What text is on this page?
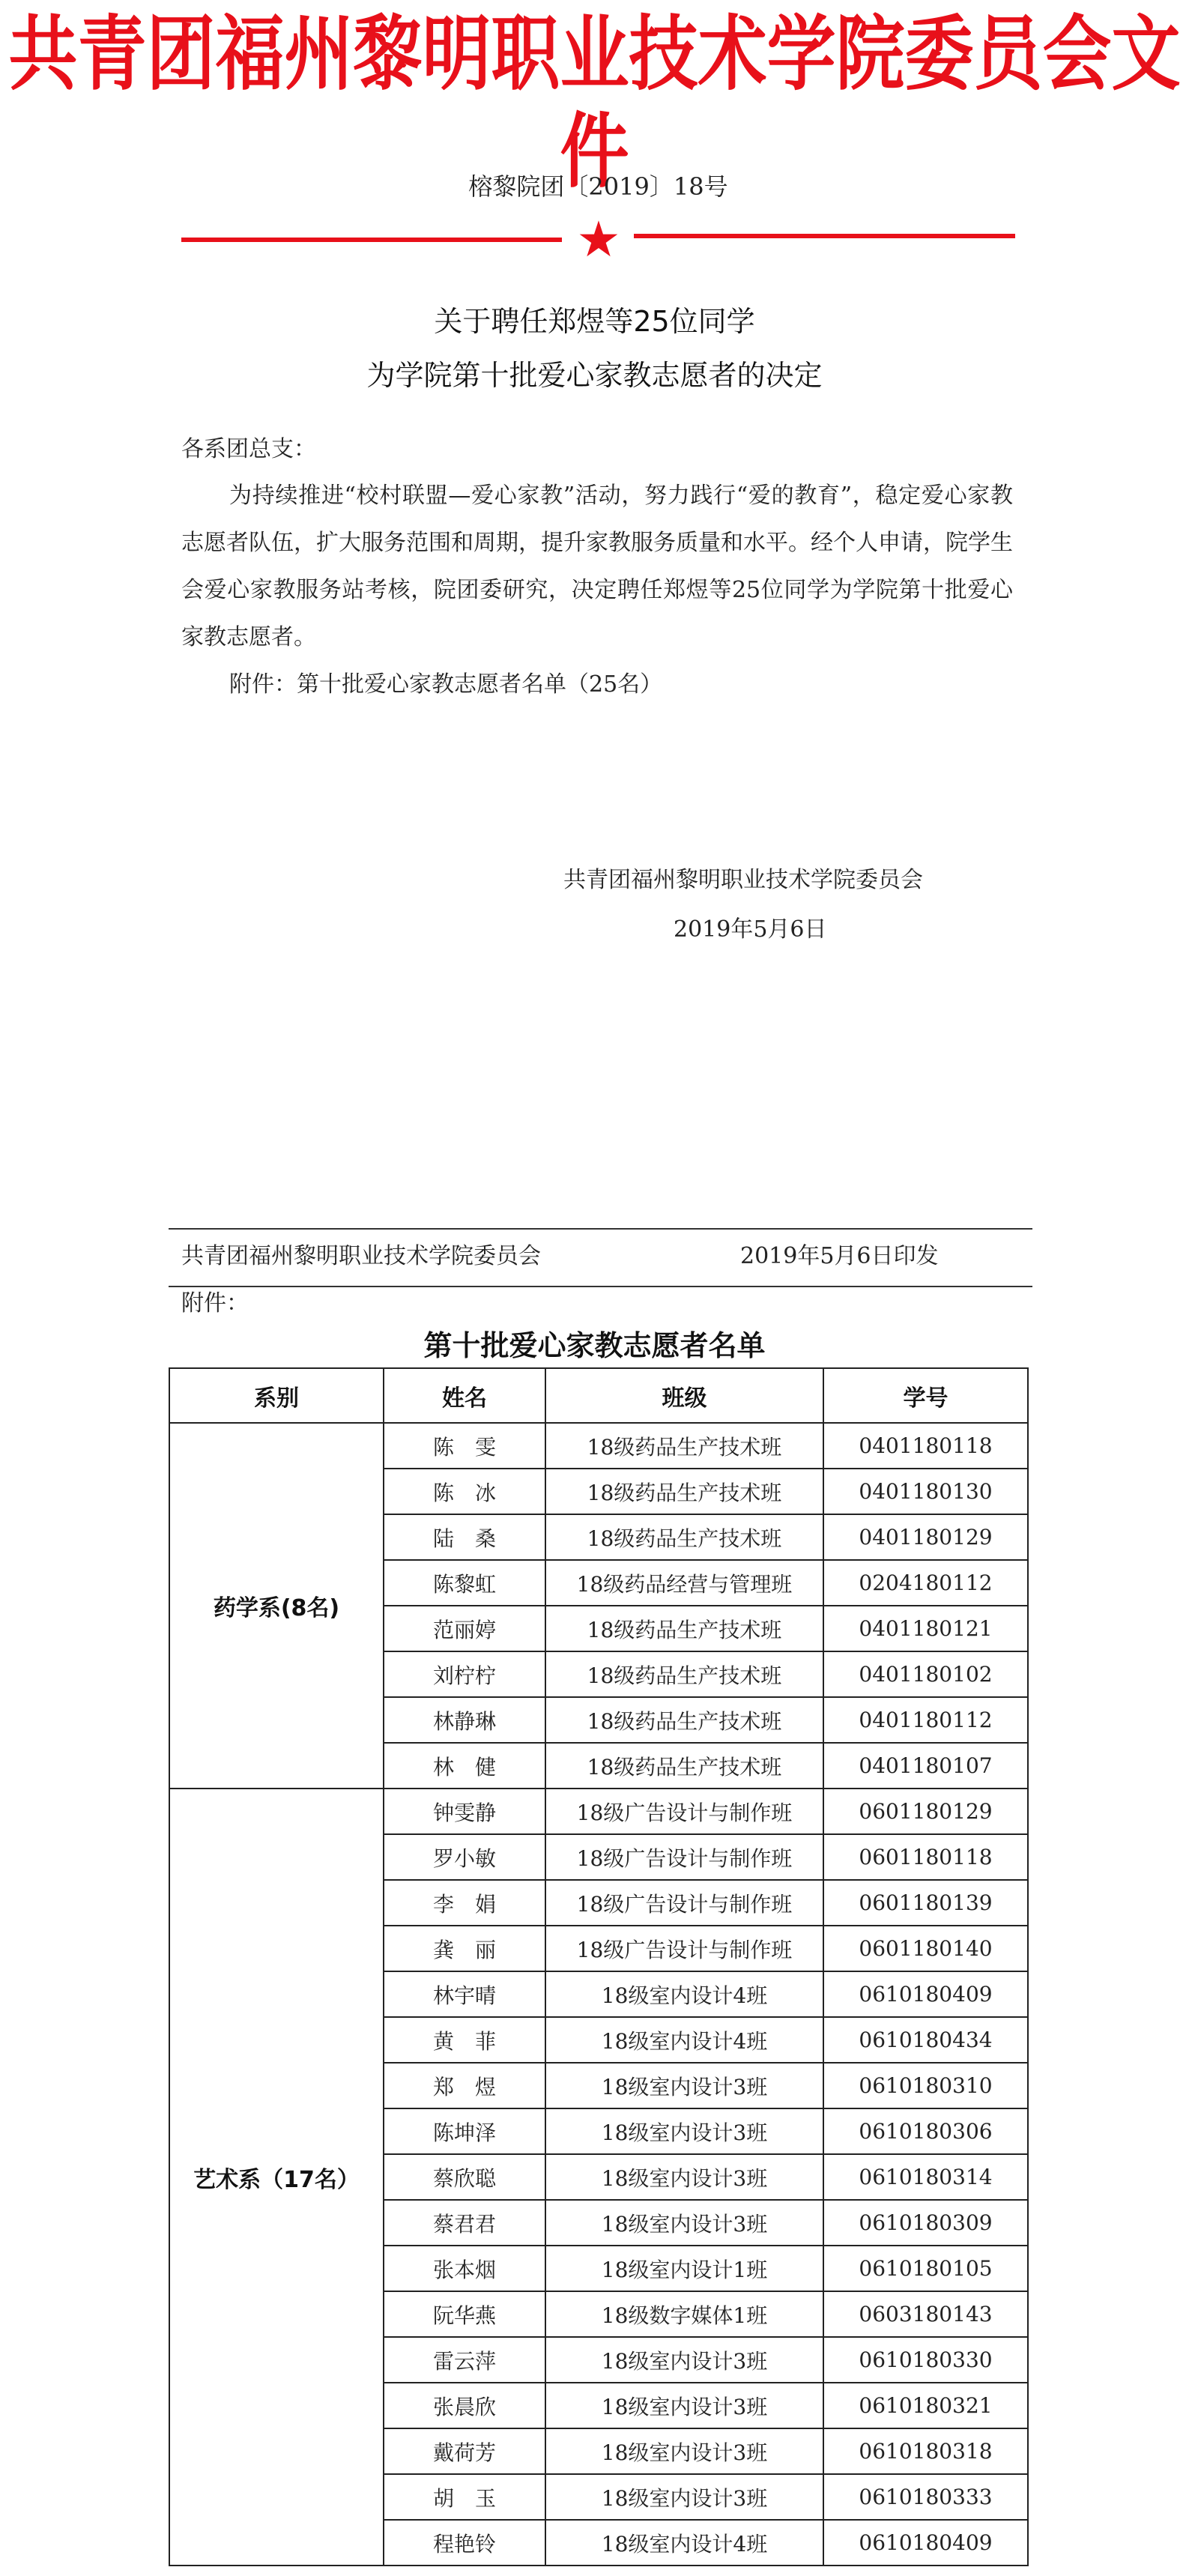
共青团福州黎明职业技术学院委员会文件
榕黎院团〔2019〕18号
★
关于聘任郑煜等25位同学
为学院第十批爱心家教志愿者的决定
各系团总支：
为持续推进“校村联盟—爱心家教”活动，努力践行“爱的教育”，稳定爱心家教志愿者队伍，扩大服务范围和周期，提升家教服务质量和水平。经个人申请，院学生会爱心家教服务站考核，院团委研究，决定聘任郑煜等25位同学为学院第十批爱心家教志愿者。
附件：第十批爱心家教志愿者名单（25名）
共青团福州黎明职业技术学院委员会
2019年5月6日
共青团福州黎明职业技术学院委员会	2019年5月6日印发
附件：
第十批爱心家教志愿者名单
系别	姓名	班级	学号
药学系(8名)	陈　雯	18级药品生产技术班	0401180118
	陈　冰	18级药品生产技术班	0401180130
	陆　桑	18级药品生产技术班	0401180129
	陈黎虹	18级药品经营与管理班	0204180112
	范丽婷	18级药品生产技术班	0401180121
	刘柠柠	18级药品生产技术班	0401180102
	林静琳	18级药品生产技术班	0401180112
	林　健	18级药品生产技术班	0401180107
艺术系（17名）	钟雯静	18级广告设计与制作班	0601180129
	罗小敏	18级广告设计与制作班	0601180118
	李　娟	18级广告设计与制作班	0601180139
	龚　丽	18级广告设计与制作班	0601180140
	林宇晴	18级室内设计4班	0610180409
	黄　菲	18级室内设计4班	0610180434
	郑　煜	18级室内设计3班	0610180310
	陈坤泽	18级室内设计3班	0610180306
	蔡欣聪	18级室内设计3班	0610180314
	蔡君君	18级室内设计3班	0610180309
	张本烟	18级室内设计1班	0610180105
	阮华燕	18级数字媒体1班	0603180143
	雷云萍	18级室内设计3班	0610180330
	张晨欣	18级室内设计3班	0610180321
	戴荷芳	18级室内设计3班	0610180318
	胡　玉	18级室内设计3班	0610180333
	程艳铃	18级室内设计4班	0610180409
